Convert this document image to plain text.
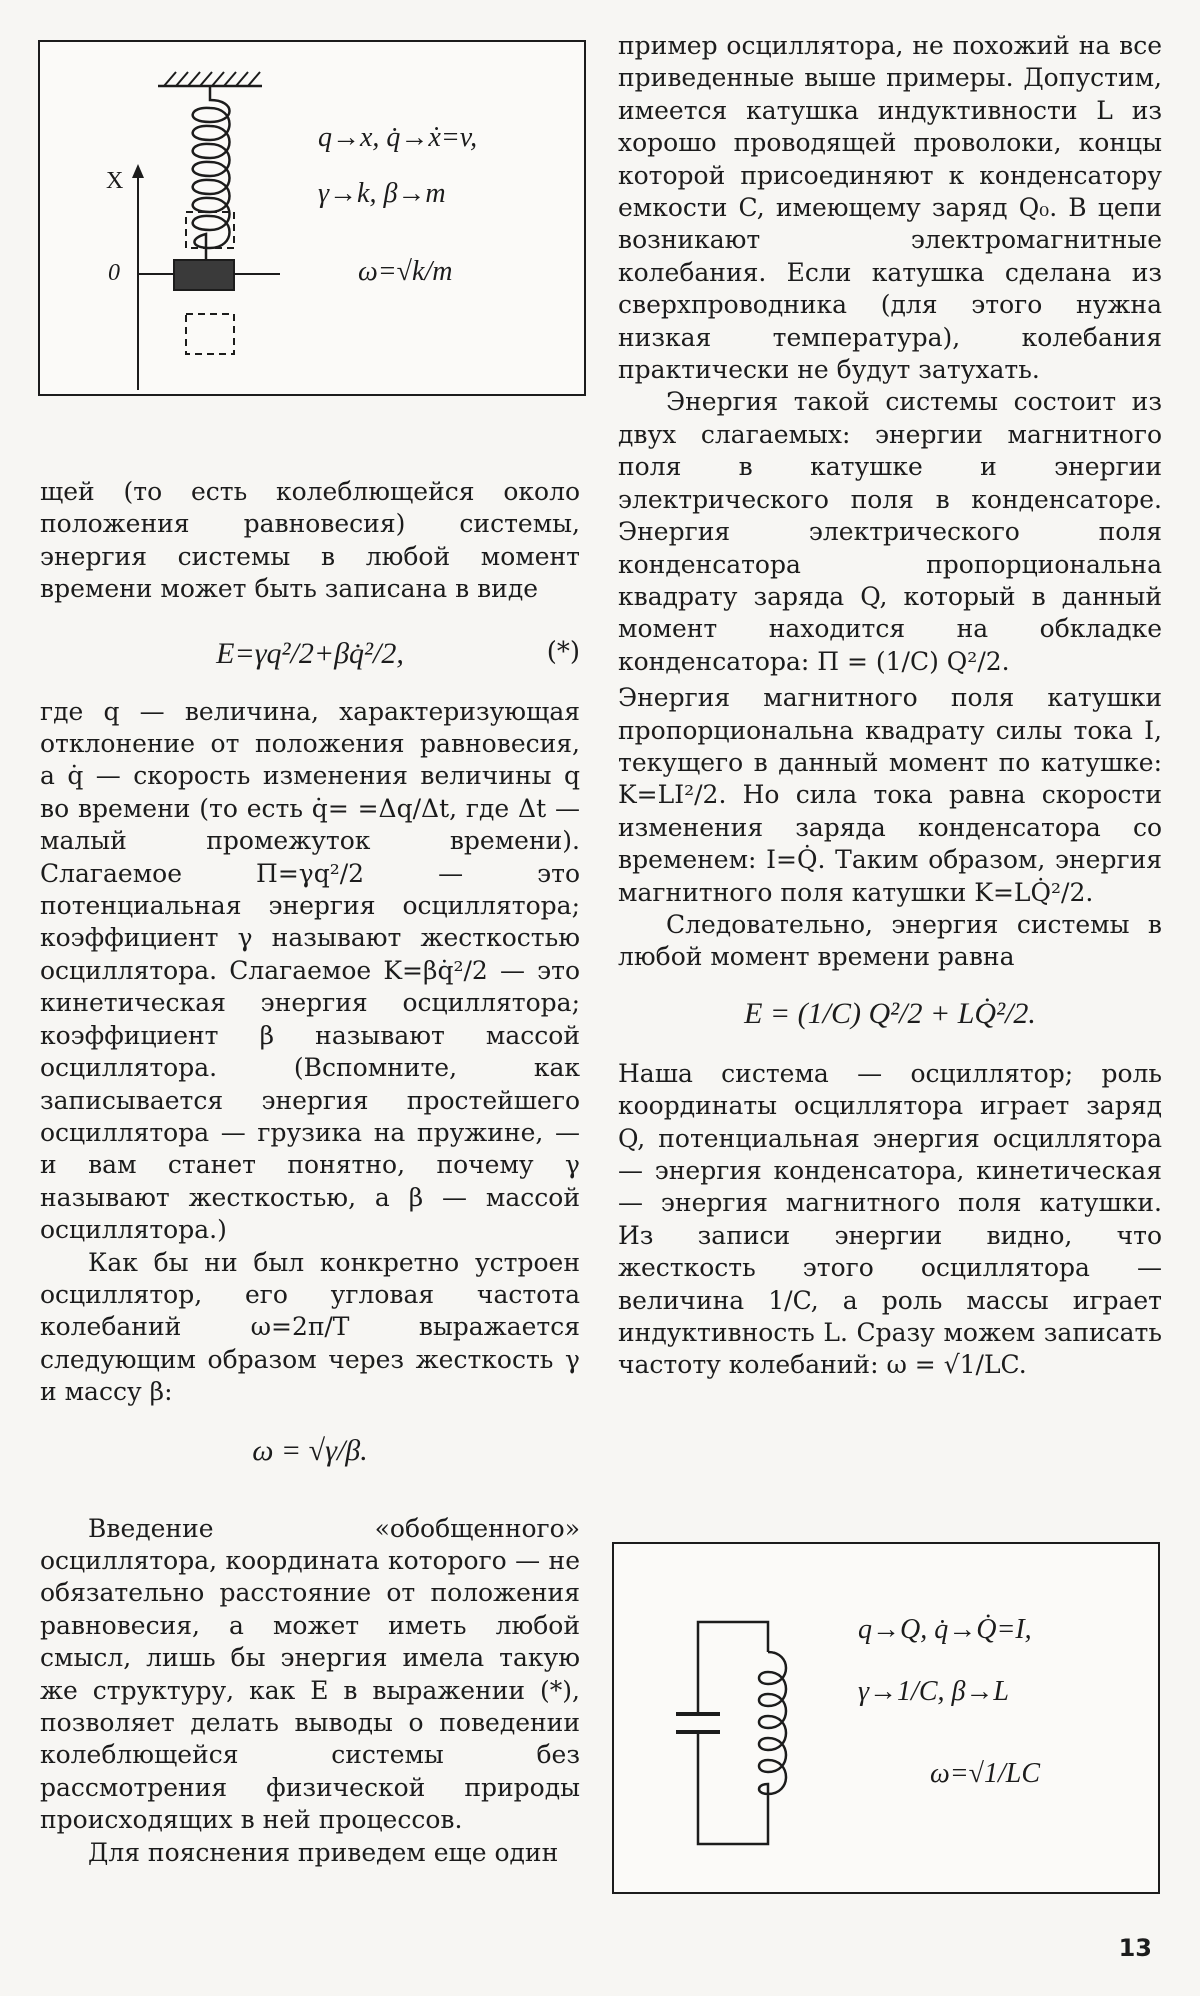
X
0
q→x, q̇→ẋ=v,
γ→k, β→m
ω=√k/m

щей (то есть колеблющейся около положения равновесия) системы, энергия системы в любой момент времени может быть записана в виде

E=γq²/2+βq̇²/2,	(*)

где q — величина, характеризующая отклонение от положения равновесия, а q̇ — скорость изменения величины q во времени (то есть q̇= =Δq/Δt, где Δt — малый промежуток времени). Слагаемое П=γq²/2 — это потенциальная энергия осциллятора; коэффициент γ называют жесткостью осциллятора. Слагаемое K=βq̇²/2 — это кинетическая энергия осциллятора; коэффициент β называют массой осциллятора. (Вспомните, как записывается энергия простейшего осциллятора — грузика на пружине, — и вам станет понятно, почему γ называют жесткостью, а β — массой осциллятора.)

Как бы ни был конкретно устроен осциллятор, его угловая частота колебаний ω=2π/T выражается следующим образом через жесткость γ и массу β:

ω = √γ/β.

Введение «обобщенного» осциллятора, координата которого — не обязательно расстояние от положения равновесия, а может иметь любой смысл, лишь бы энергия имела такую же структуру, как E в выражении (*), позволяет делать выводы о поведении колеблющейся системы без рассмотрения физической природы происходящих в ней процессов.

Для пояснения приведем еще один

пример осциллятора, не похожий на все приведенные выше примеры. Допустим, имеется катушка индуктивности L из хорошо проводящей проволоки, концы которой присоединяют к конденсатору емкости C, имеющему заряд Q₀. В цепи возникают электромагнитные колебания. Если катушка сделана из сверхпроводника (для этого нужна низкая температура), колебания практически не будут затухать.

Энергия такой системы состоит из двух слагаемых: энергии магнитного поля в катушке и энергии электрического поля в конденсаторе. Энергия электрического поля конденсатора пропорциональна квадрату заряда Q, который в данный момент находится на обкладке конденсатора: П = (1/C) Q²/2.

Энергия магнитного поля катушки пропорциональна квадрату силы тока I, текущего в данный момент по катушке: K=LI²/2. Но сила тока равна скорости изменения заряда конденсатора со временем: I=Q̇. Таким образом, энергия магнитного поля катушки K=LQ̇²/2.

Следовательно, энергия системы в любой момент времени равна

E = (1/C) Q²/2 + LQ̇²/2.

Наша система — осциллятор; роль координаты осциллятора играет заряд Q, потенциальная энергия осциллятора — энергия конденсатора, кинетическая — энергия магнитного поля катушки. Из записи энергии видно, что жесткость этого осциллятора — величина 1/C, а роль массы играет индуктивность L. Сразу можем записать частоту колебаний: ω = √1/LC.

q→Q, q̇→Q̇=I,
γ→1/C, β→L
ω=√1/LC
13
